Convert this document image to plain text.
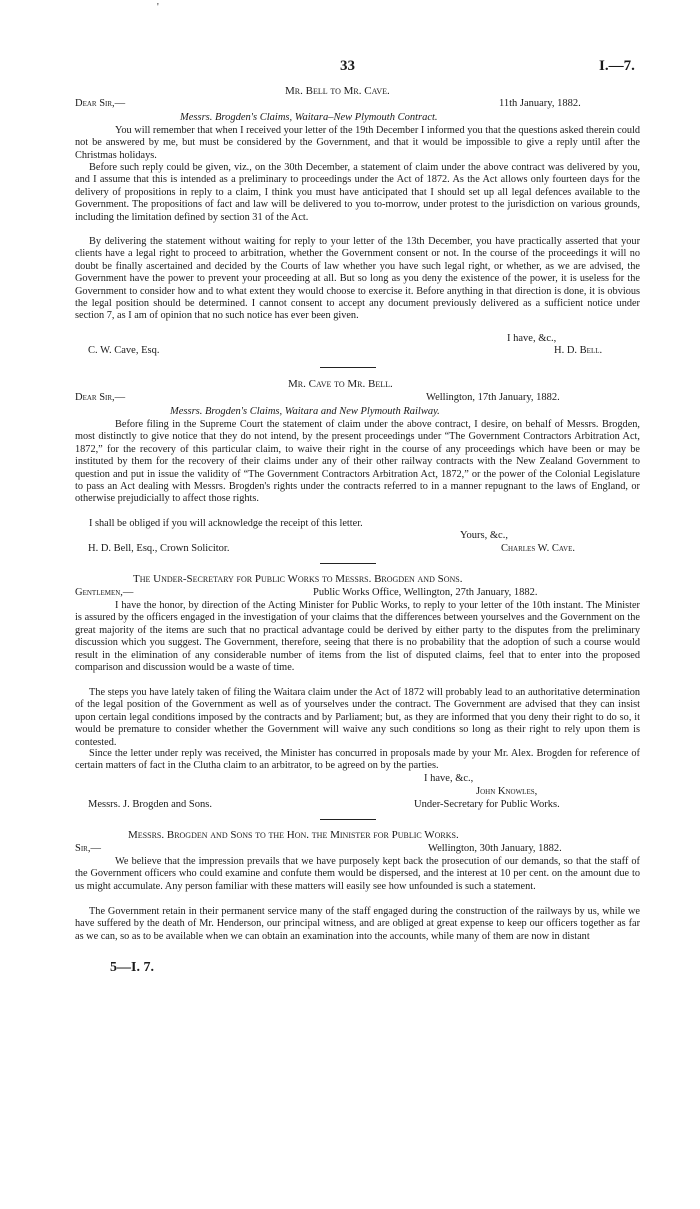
'
33	I.—7.
Mr. Bell to Mr. Cave.
Dear Sir,—	11th January, 1882.
Messrs. Brogden's Claims, Waitara–New Plymouth Contract.
You will remember that when I received your letter of the 19th December I informed you that the questions asked therein could not be answered by me, but must be considered by the Government, and that it would be impossible to give a reply until after the Christmas holidays.
Before such reply could be given, viz., on the 30th December, a statement of claim under the above contract was delivered by you, and I assume that this is intended as a preliminary to proceedings under the Act of 1872. As the Act allows only fourteen days for the delivery of propositions in reply to a claim, I think you must have anticipated that I should set up all legal defences available to the Government. The propositions of fact and law will be delivered to you to-morrow, under protest to the jurisdiction on various grounds, including the limitation defined by section 31 of the Act.
By delivering the statement without waiting for reply to your letter of the 13th December, you have practically asserted that your clients have a legal right to proceed to arbitration, whether the Government consent or not. In the course of the proceedings it will no doubt be finally ascertained and decided by the Courts of law whether you have such legal right, or whether, as we are advised, the Government have the power to prevent your proceeding at all. But so long as you deny the existence of the power, it is useless for the Government to consider how and to what extent they would choose to exercise it. Before anything in that direction is done, it is obvious the legal position should be determined. I cannot consent to accept any document previously delivered as a sufficient notice under section 7, as I am of opinion that no such notice has ever been given.
I have, &c.,
C. W. Cave, Esq.	H. D. Bell.
Mr. Cave to Mr. Bell.
Dear Sir,—	Wellington, 17th January, 1882.
Messrs. Brogden's Claims, Waitara and New Plymouth Railway.
Before filing in the Supreme Court the statement of claim under the above contract, I desire, on behalf of Messrs. Brogden, most distinctly to give notice that they do not intend, by the present proceedings under “The Government Contractors Arbitration Act, 1872,” for the recovery of this particular claim, to waive their right in the course of any proceedings which have been or may be instituted by them for the recovery of their claims under any of their other railway contracts with the New Zealand Government to question and put in issue the validity of “The Government Contractors Arbitration Act, 1872,” or the power of the Colonial Legislature to pass an Act dealing with Messrs. Brogden's rights under the contracts referred to in a manner repugnant to the laws of England, or otherwise prejudicially to affect those rights.
I shall be obliged if you will acknowledge the receipt of this letter.
Yours, &c.,
H. D. Bell, Esq., Crown Solicitor.	Charles W. Cave.
The Under-Secretary for Public Works to Messrs. Brogden and Sons.
Gentlemen,—	Public Works Office, Wellington, 27th January, 1882.
I have the honor, by direction of the Acting Minister for Public Works, to reply to your letter of the 10th instant. The Minister is assured by the officers engaged in the investigation of your claims that the differences between yourselves and the Government on the great majority of the items are such that no practical advantage could be derived by either party to the disputes from the preliminary discussion which you suggest. The Government, therefore, seeing that there is no probability that the adoption of such a course would result in the elimination of any considerable number of items from the list of disputed claims, feel that to enter into the proposed comparison and discussion would be a waste of time.
The steps you have lately taken of filing the Waitara claim under the Act of 1872 will probably lead to an authoritative determination of the legal position of the Government as well as of yourselves under the contract. The Government are advised that they can insist upon certain legal conditions imposed by the contracts and by Parliament; but, as they are informed that you deny their right to do so, it would be premature to consider whether the Government will waive any such conditions so long as their right to rely upon them is contested.
Since the letter under reply was received, the Minister has concurred in proposals made by your Mr. Alex. Brogden for reference of certain matters of fact in the Clutha claim to an arbitrator, to be agreed on by the parties.
I have, &c.,
John Knowles,
Messrs. J. Brogden and Sons.	Under-Secretary for Public Works.
Messrs. Brogden and Sons to the Hon. the Minister for Public Works.
Sir,—	Wellington, 30th January, 1882.
We believe that the impression prevails that we have purposely kept back the prosecution of our demands, so that the staff of the Government officers who could examine and confute them would be dispersed, and the interest at 10 per cent. on the amount due to us might accumulate. Any person familiar with these matters will easily see how unfounded is such a statement.
The Government retain in their permanent service many of the staff engaged during the construction of the railways by us, while we have suffered by the death of Mr. Henderson, our principal witness, and are obliged at great expense to keep our officers together as far as we can, so as to be available when we can obtain an examination into the accounts, while many of them are now in distant
5—I. 7.
